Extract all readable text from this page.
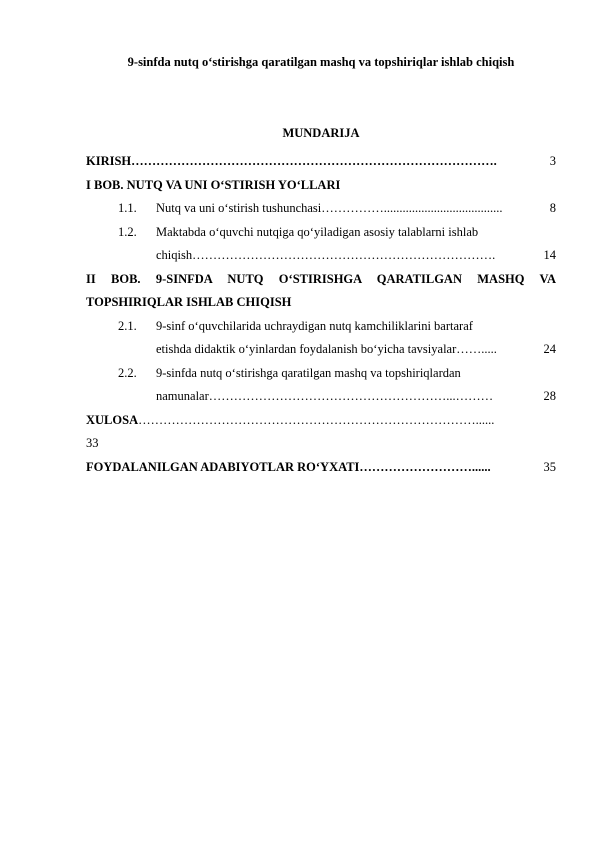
9-sinfda nutq o‘stirishga qaratilgan mashq va topshiriqlar ishlab chiqish
MUNDARIJA
KIRISH …………………………………………………………………………….	3
I BOB. NUTQ VA UNI O‘STIRISH YO‘LLARI
1.1.	Nutq va uni o‘stirish tushunchasi ……………......................................	8
1.2.	Maktabda o‘quvchi nutqiga qo‘yiladigan asosiy talablarni ishlab
chiqish ……………………………………………………………….	14
II BOB. 9-SINFDA NUTQ O‘STIRISHGA QARATILGAN MASHQ VA
TOPSHIRIQLAR ISHLAB CHIQISH
2.1.	9-sinf o‘quvchilarida uchraydigan nutq kamchiliklarini bartaraf
etishda didaktik o‘yinlardan foydalanish bo‘yicha tavsiyalar …….....	24
2.2.	9-sinfda nutq o‘stirishga qaratilgan mashq va topshiriqlardan
namunalar …………………………………………………...………	28
XULOSA………………………………………………………………………......
33
FOYDALANILGAN ADABIYOTLAR RO‘YXATI ………………………......	35
